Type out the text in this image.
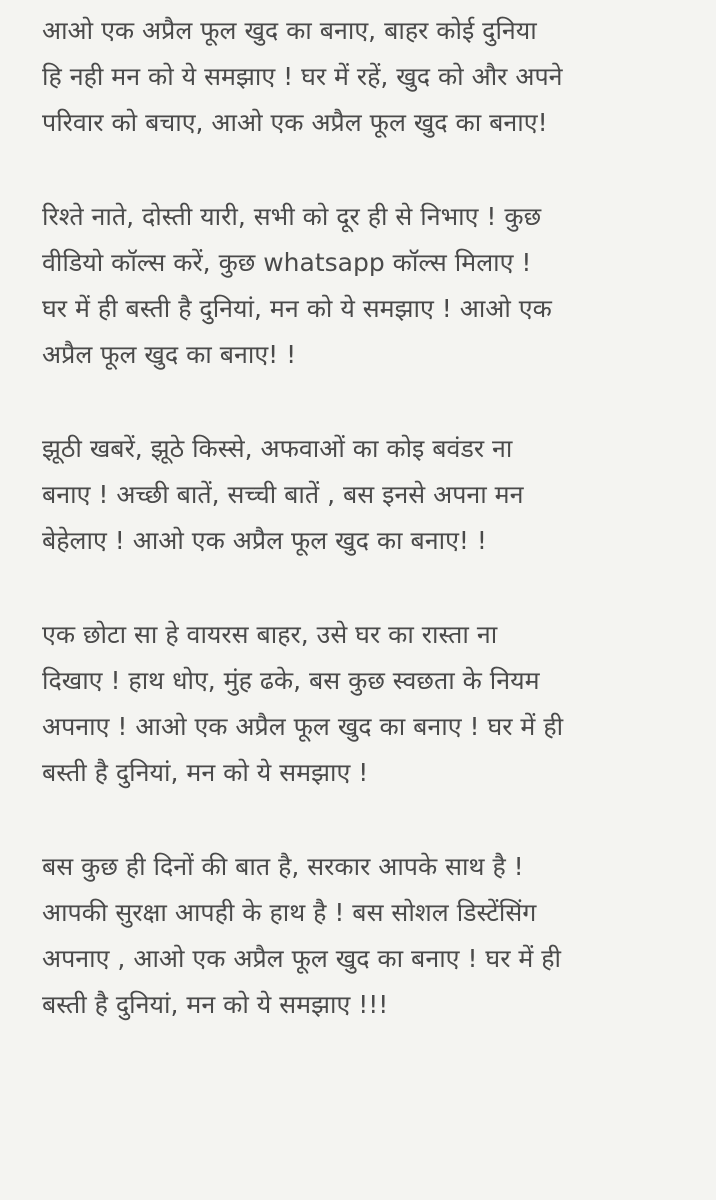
आओ एक अप्रैल फूल खुद का बनाए, बाहर कोई दुनिया
हि नही मन को ये समझाए ! घर में रहें, खुद को और अपने
परिवार को बचाए, आओ एक अप्रैल फूल खुद का बनाए!
रिश्ते नाते, दोस्ती यारी, सभी को दूर ही से निभाए ! कुछ
वीडियो कॉल्स करें, कुछ whatsapp कॉल्स मिलाए !
घर में ही बस्ती है दुनियां, मन को ये समझाए ! आओ एक
अप्रैल फूल खुद का बनाए! !
झूठी खबरें, झूठे किस्से, अफवाओं का कोइ बवंडर ना
बनाए ! अच्छी बातें, सच्ची बातें , बस इनसे अपना मन
बेहेलाए ! आओ एक अप्रैल फूल खुद का बनाए! !
एक छोटा सा हे वायरस बाहर, उसे घर का रास्ता ना
दिखाए ! हाथ धोए, मुंह ढके, बस कुछ स्वछता के नियम
अपनाए ! आओ एक अप्रैल फूल खुद का बनाए ! घर में ही
बस्ती है दुनियां, मन को ये समझाए !
बस कुछ ही दिनों की बात है, सरकार आपके साथ है !
आपकी सुरक्षा आपही के हाथ है ! बस सोशल डिस्टेंसिंग
अपनाए , आओ एक अप्रैल फूल खुद का बनाए ! घर में ही
बस्ती है दुनियां, मन को ये समझाए !!!
